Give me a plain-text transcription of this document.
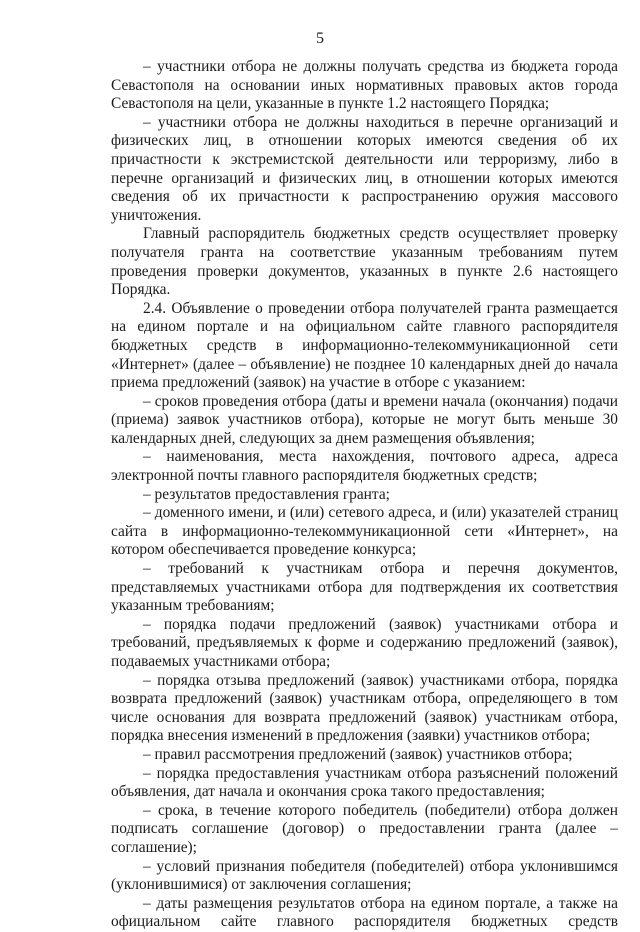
5

– участники отбора не должны получать средства из бюджета города Севастополя на основании иных нормативных правовых актов города Севастополя на цели, указанные в пункте 1.2 настоящего Порядка;

– участники отбора не должны находиться в перечне организаций и физических лиц, в отношении которых имеются сведения об их причастности к экстремистской деятельности или терроризму, либо в перечне организаций и физических лиц, в отношении которых имеются сведения об их причастности к распространению оружия массового уничтожения.

Главный распорядитель бюджетных средств осуществляет проверку получателя гранта на соответствие указанным требованиям путем проведения проверки документов, указанных в пункте 2.6 настоящего Порядка.

2.4. Объявление о проведении отбора получателей гранта размещается на едином портале и на официальном сайте главного распорядителя бюджетных средств в информационно-телекоммуникационной сети «Интернет» (далее – объявление) не позднее 10 календарных дней до начала приема предложений (заявок) на участие в отборе с указанием:

– сроков проведения отбора (даты и времени начала (окончания) подачи (приема) заявок участников отбора), которые не могут быть меньше 30 календарных дней, следующих за днем размещения объявления;

– наименования, места нахождения, почтового адреса, адреса электронной почты главного распорядителя бюджетных средств;

– результатов предоставления гранта;

– доменного имени, и (или) сетевого адреса, и (или) указателей страниц сайта в информационно-телекоммуникационной сети «Интернет», на котором обеспечивается проведение конкурса;

– требований к участникам отбора и перечня документов, представляемых участниками отбора для подтверждения их соответствия указанным требованиям;

– порядка подачи предложений (заявок) участниками отбора и требований, предъявляемых к форме и содержанию предложений (заявок), подаваемых участниками отбора;

– порядка отзыва предложений (заявок) участниками отбора, порядка возврата предложений (заявок) участникам отбора, определяющего в том числе основания для возврата предложений (заявок) участникам отбора, порядка внесения изменений в предложения (заявки) участников отбора;

– правил рассмотрения предложений (заявок) участников отбора;

– порядка предоставления участникам отбора разъяснений положений объявления, дат начала и окончания срока такого предоставления;

– срока, в течение которого победитель (победители) отбора должен подписать соглашение (договор) о предоставлении гранта (далее – соглашение);

– условий признания победителя (победителей) отбора уклонившимся (уклонившимися) от заключения соглашения;

– даты размещения результатов отбора на едином портале, а также на официальном сайте главного распорядителя бюджетных средств
